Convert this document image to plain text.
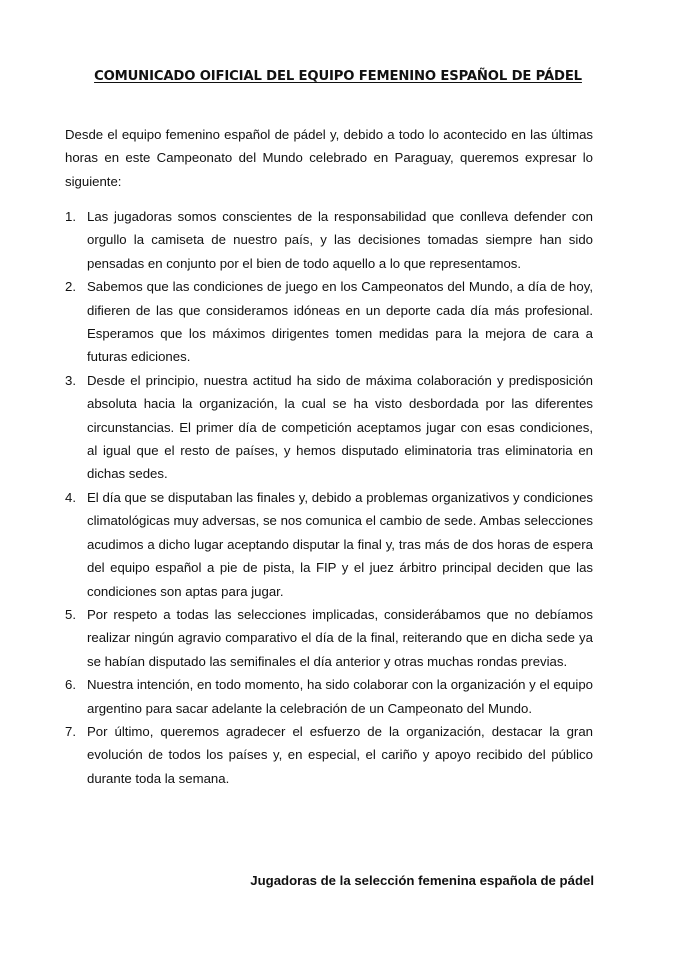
COMUNICADO OIFICIAL DEL EQUIPO FEMENINO ESPAÑOL DE PÁDEL

Desde el equipo femenino español de pádel y, debido a todo lo acontecido en las últimas horas en este Campeonato del Mundo celebrado en Paraguay, queremos expresar lo siguiente:

1. Las jugadoras somos conscientes de la responsabilidad que conlleva defender con orgullo la camiseta de nuestro país, y las decisiones tomadas siempre han sido pensadas en conjunto por el bien de todo aquello a lo que representamos.
2. Sabemos que las condiciones de juego en los Campeonatos del Mundo, a día de hoy, difieren de las que consideramos idóneas en un deporte cada día más profesional. Esperamos que los máximos dirigentes tomen medidas para la mejora de cara a futuras ediciones.
3. Desde el principio, nuestra actitud ha sido de máxima colaboración y predisposición absoluta hacia la organización, la cual se ha visto desbordada por las diferentes circunstancias. El primer día de competición aceptamos jugar con esas condiciones, al igual que el resto de países, y hemos disputado eliminatoria tras eliminatoria en dichas sedes.
4. El día que se disputaban las finales y, debido a problemas organizativos y condiciones climatológicas muy adversas, se nos comunica el cambio de sede. Ambas selecciones acudimos a dicho lugar aceptando disputar la final y, tras más de dos horas de espera del equipo español a pie de pista, la FIP y el juez árbitro principal deciden que las condiciones son aptas para jugar.
5. Por respeto a todas las selecciones implicadas, considerábamos que no debíamos realizar ningún agravio comparativo el día de la final, reiterando que en dicha sede ya se habían disputado las semifinales el día anterior y otras muchas rondas previas.
6. Nuestra intención, en todo momento, ha sido colaborar con la organización y el equipo argentino para sacar adelante la celebración de un Campeonato del Mundo.
7. Por último, queremos agradecer el esfuerzo de la organización, destacar la gran evolución de todos los países y, en especial, el cariño y apoyo recibido del público durante toda la semana.
Jugadoras de la selección femenina española de pádel
